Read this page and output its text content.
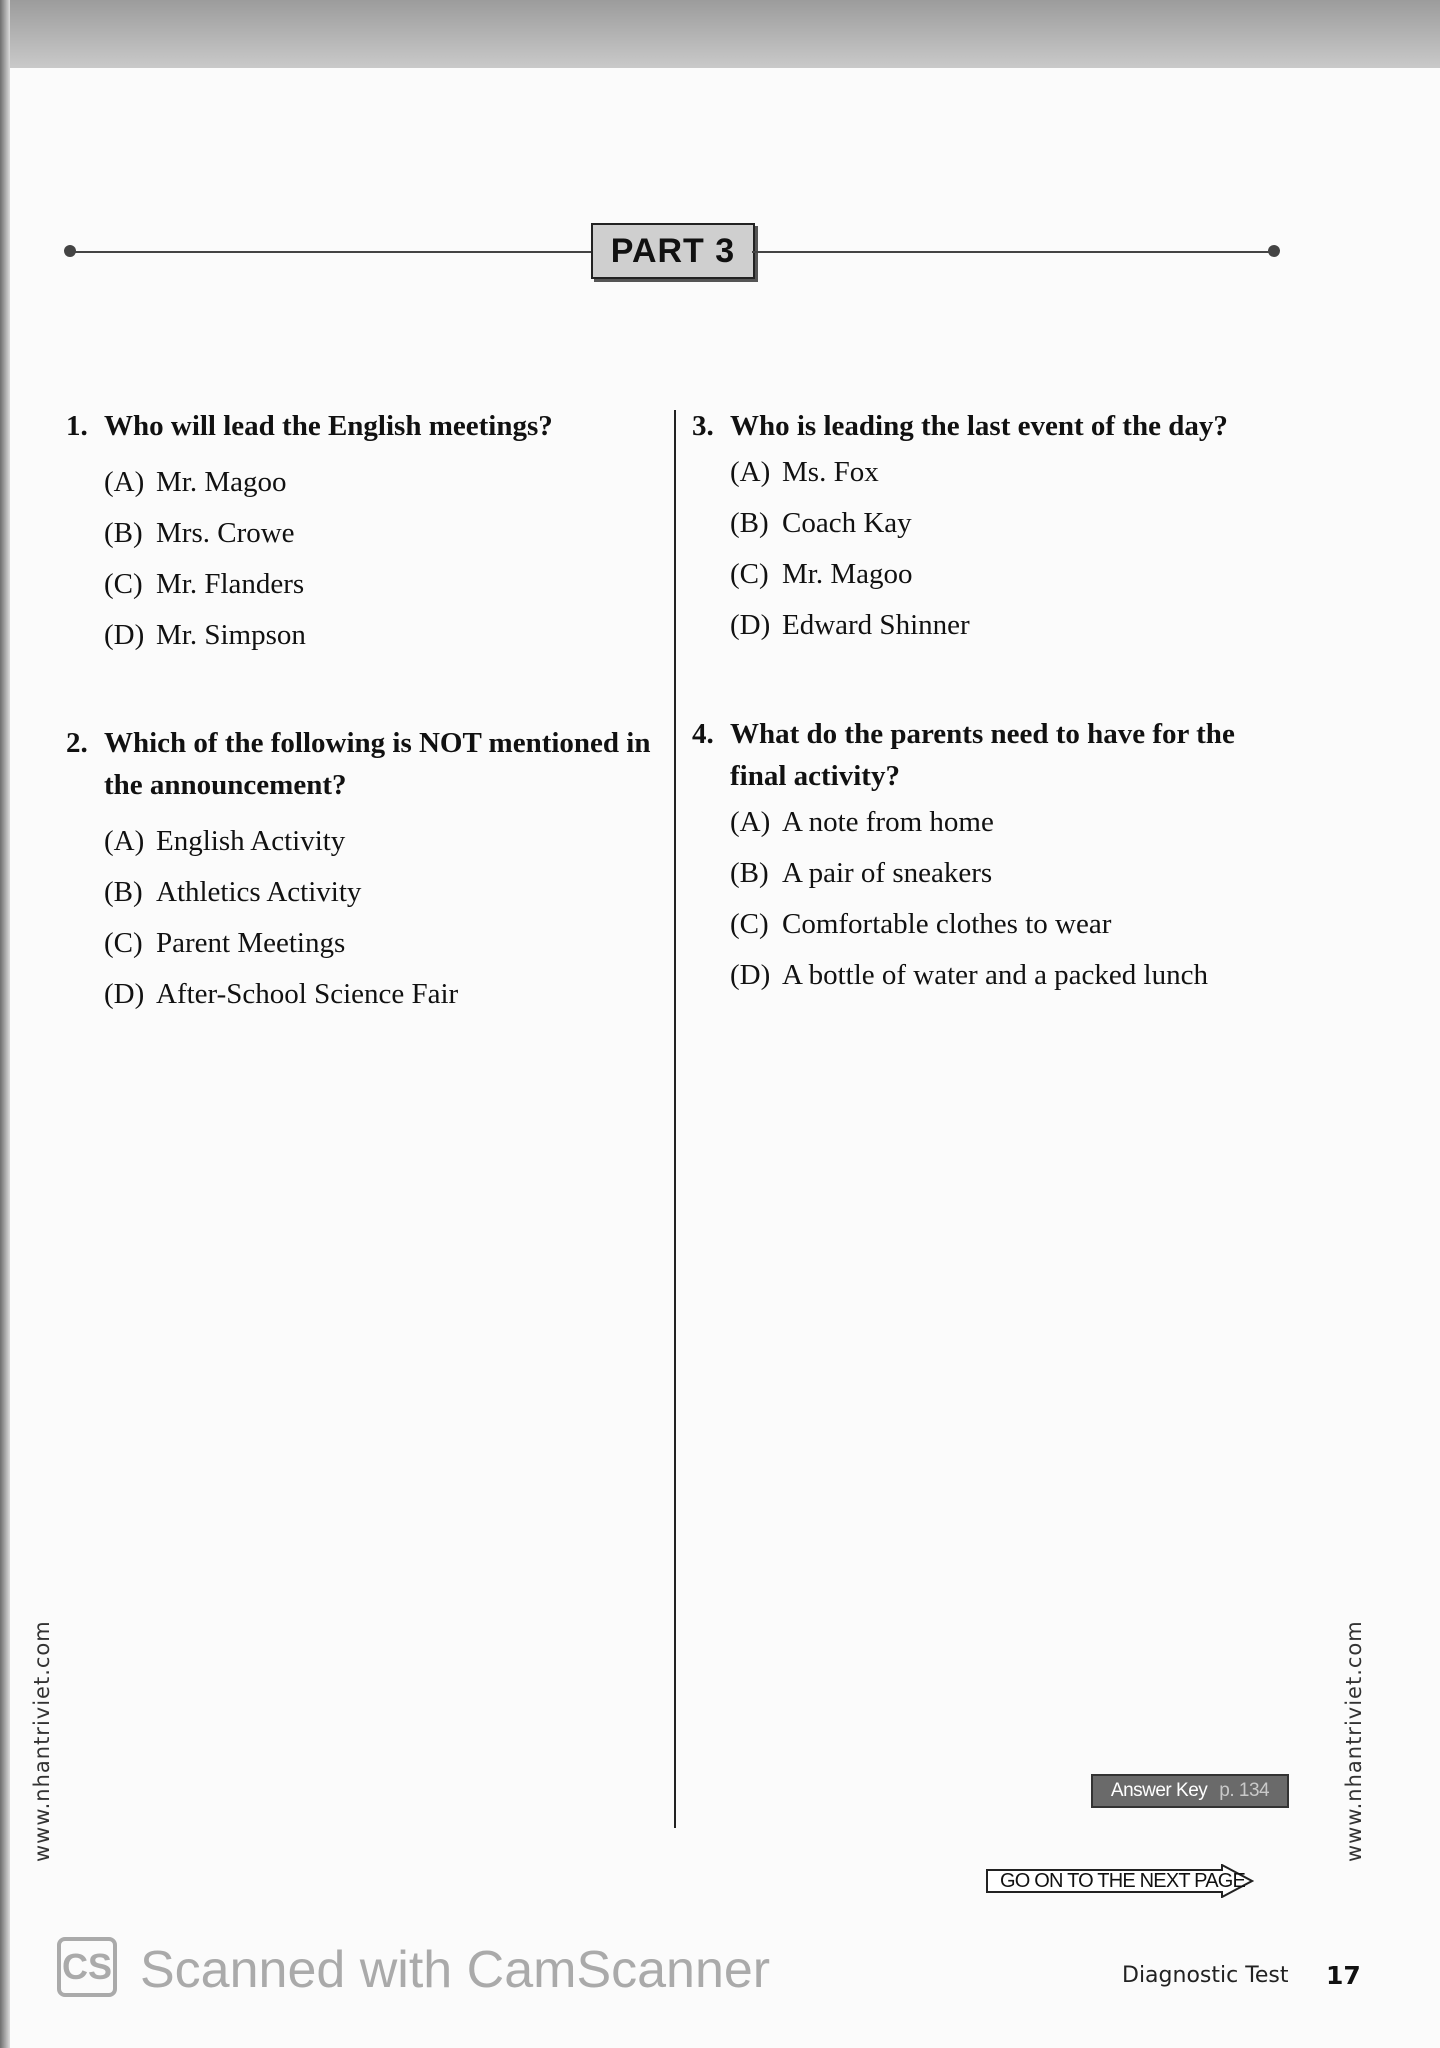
PART 3
1. Who will lead the English meetings?
(A) Mr. Magoo
(B) Mrs. Crowe
(C) Mr. Flanders
(D) Mr. Simpson
2. Which of the following is NOT mentioned in the announcement?
(A) English Activity
(B) Athletics Activity
(C) Parent Meetings
(D) After-School Science Fair
3. Who is leading the last event of the day?
(A) Ms. Fox
(B) Coach Kay
(C) Mr. Magoo
(D) Edward Shinner
4. What do the parents need to have for the final activity?
(A) A note from home
(B) A pair of sneakers
(C) Comfortable clothes to wear
(D) A bottle of water and a packed lunch
Answer Key p. 134
GO ON TO THE NEXT PAGE
www.nhantriviet.com	www.nhantriviet.com
Diagnostic Test 17
CS Scanned with CamScanner
